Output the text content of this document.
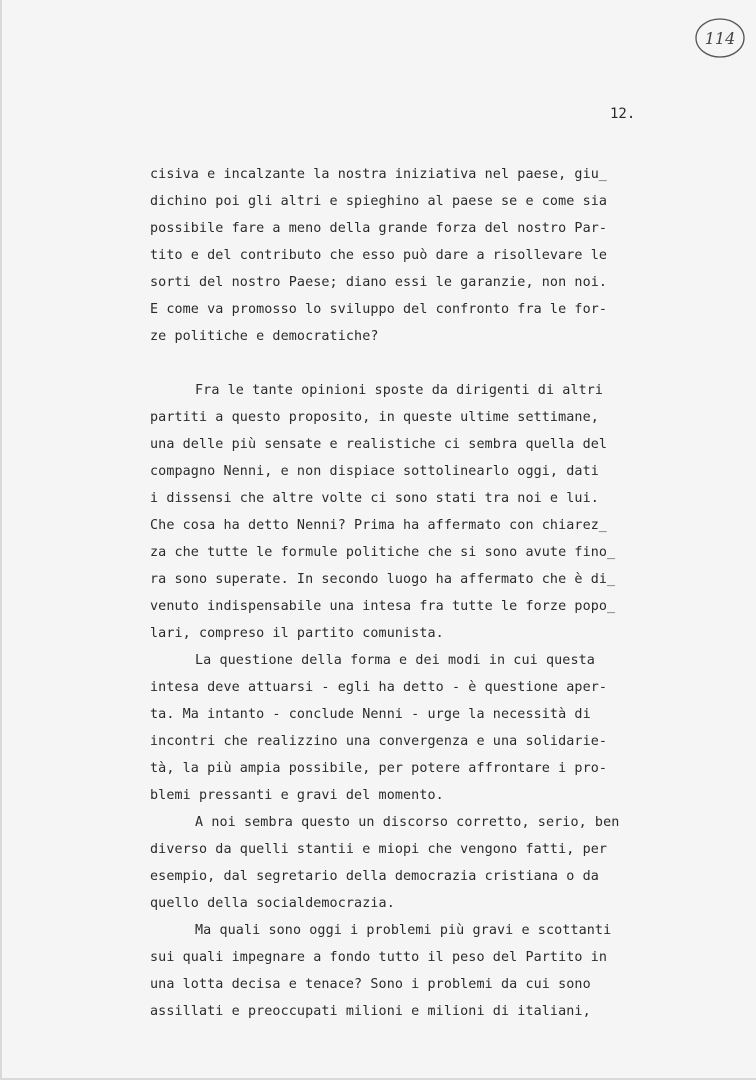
114
12.
cisiva e incalzante la nostra iniziativa nel paese, giu̲
dichino poi gli altri e spieghino al paese se e come sia
possibile fare a meno della grande forza del nostro Par-
tito e del contributo che esso può dare a risollevare le
sorti del nostro Paese; diano essi le garanzie, non noi.
E come va promosso lo sviluppo del confronto fra le for-
ze politiche e democratiche?
Fra le tante opinioni sposte da dirigenti di altri
partiti a questo proposito, in queste ultime settimane,
una delle più sensate e realistiche ci sembra quella del
compagno Nenni, e non dispiace sottolinearlo oggi, dati
i dissensi che altre volte ci sono stati tra noi e lui.
Che cosa ha detto Nenni? Prima ha affermato con chiarez̲
za che tutte le formule politiche che si sono avute fino̲
ra sono superate. In secondo luogo ha affermato che è di̲
venuto indispensabile una intesa fra tutte le forze popo̲
lari, compreso il partito comunista.
La questione della forma e dei modi in cui questa
intesa deve attuarsi - egli ha detto - è questione aper-
ta. Ma intanto - conclude Nenni - urge la necessità di
incontri che realizzino una convergenza e una solidarie-
tà, la più ampia possibile, per potere affrontare i pro-
blemi pressanti e gravi del momento.
A noi sembra questo un discorso corretto, serio, ben
diverso da quelli stantii e miopi che vengono fatti, per
esempio, dal segretario della democrazia cristiana o da
quello della socialdemocrazia.
Ma quali sono oggi i problemi più gravi e scottanti
sui quali impegnare a fondo tutto il peso del Partito in
una lotta decisa e tenace? Sono i problemi da cui sono
assillati e preoccupati milioni e milioni di italiani,
